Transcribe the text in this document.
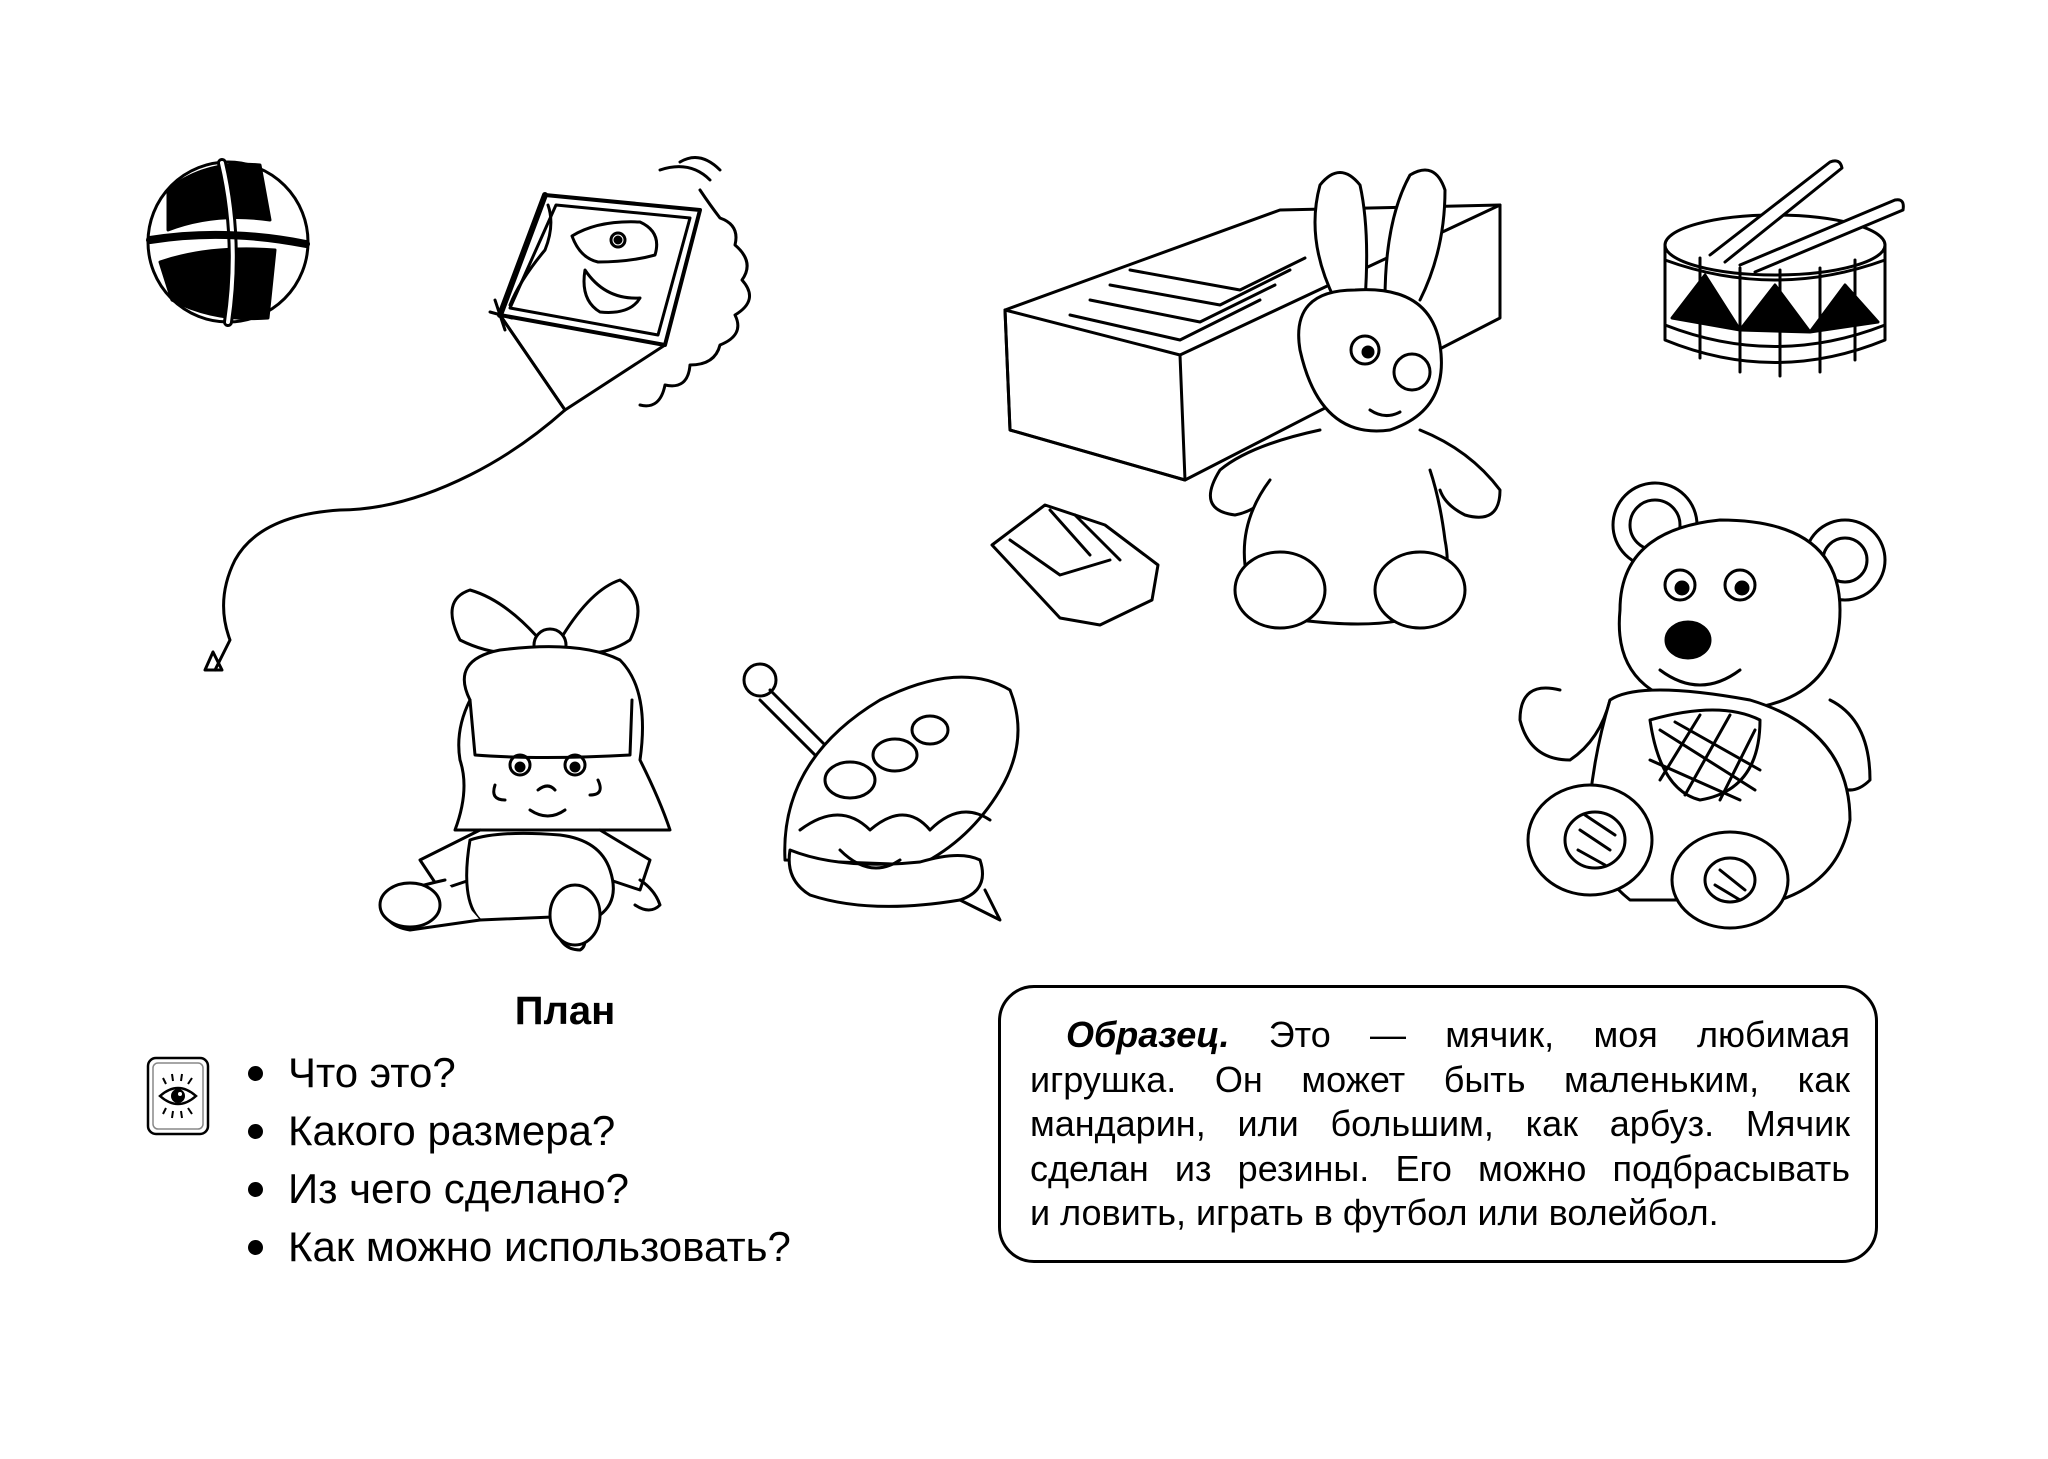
План
Что это?
Какого размера?
Из чего сделано?
Как можно использовать?
 Образец. Это — мячик, моя любимая
игрушка. Он может быть маленьким, как
мандарин, или большим, как арбуз. Мячик
сделан из резины. Его можно подбрасывать
и ловить, играть в футбол или волейбол.
